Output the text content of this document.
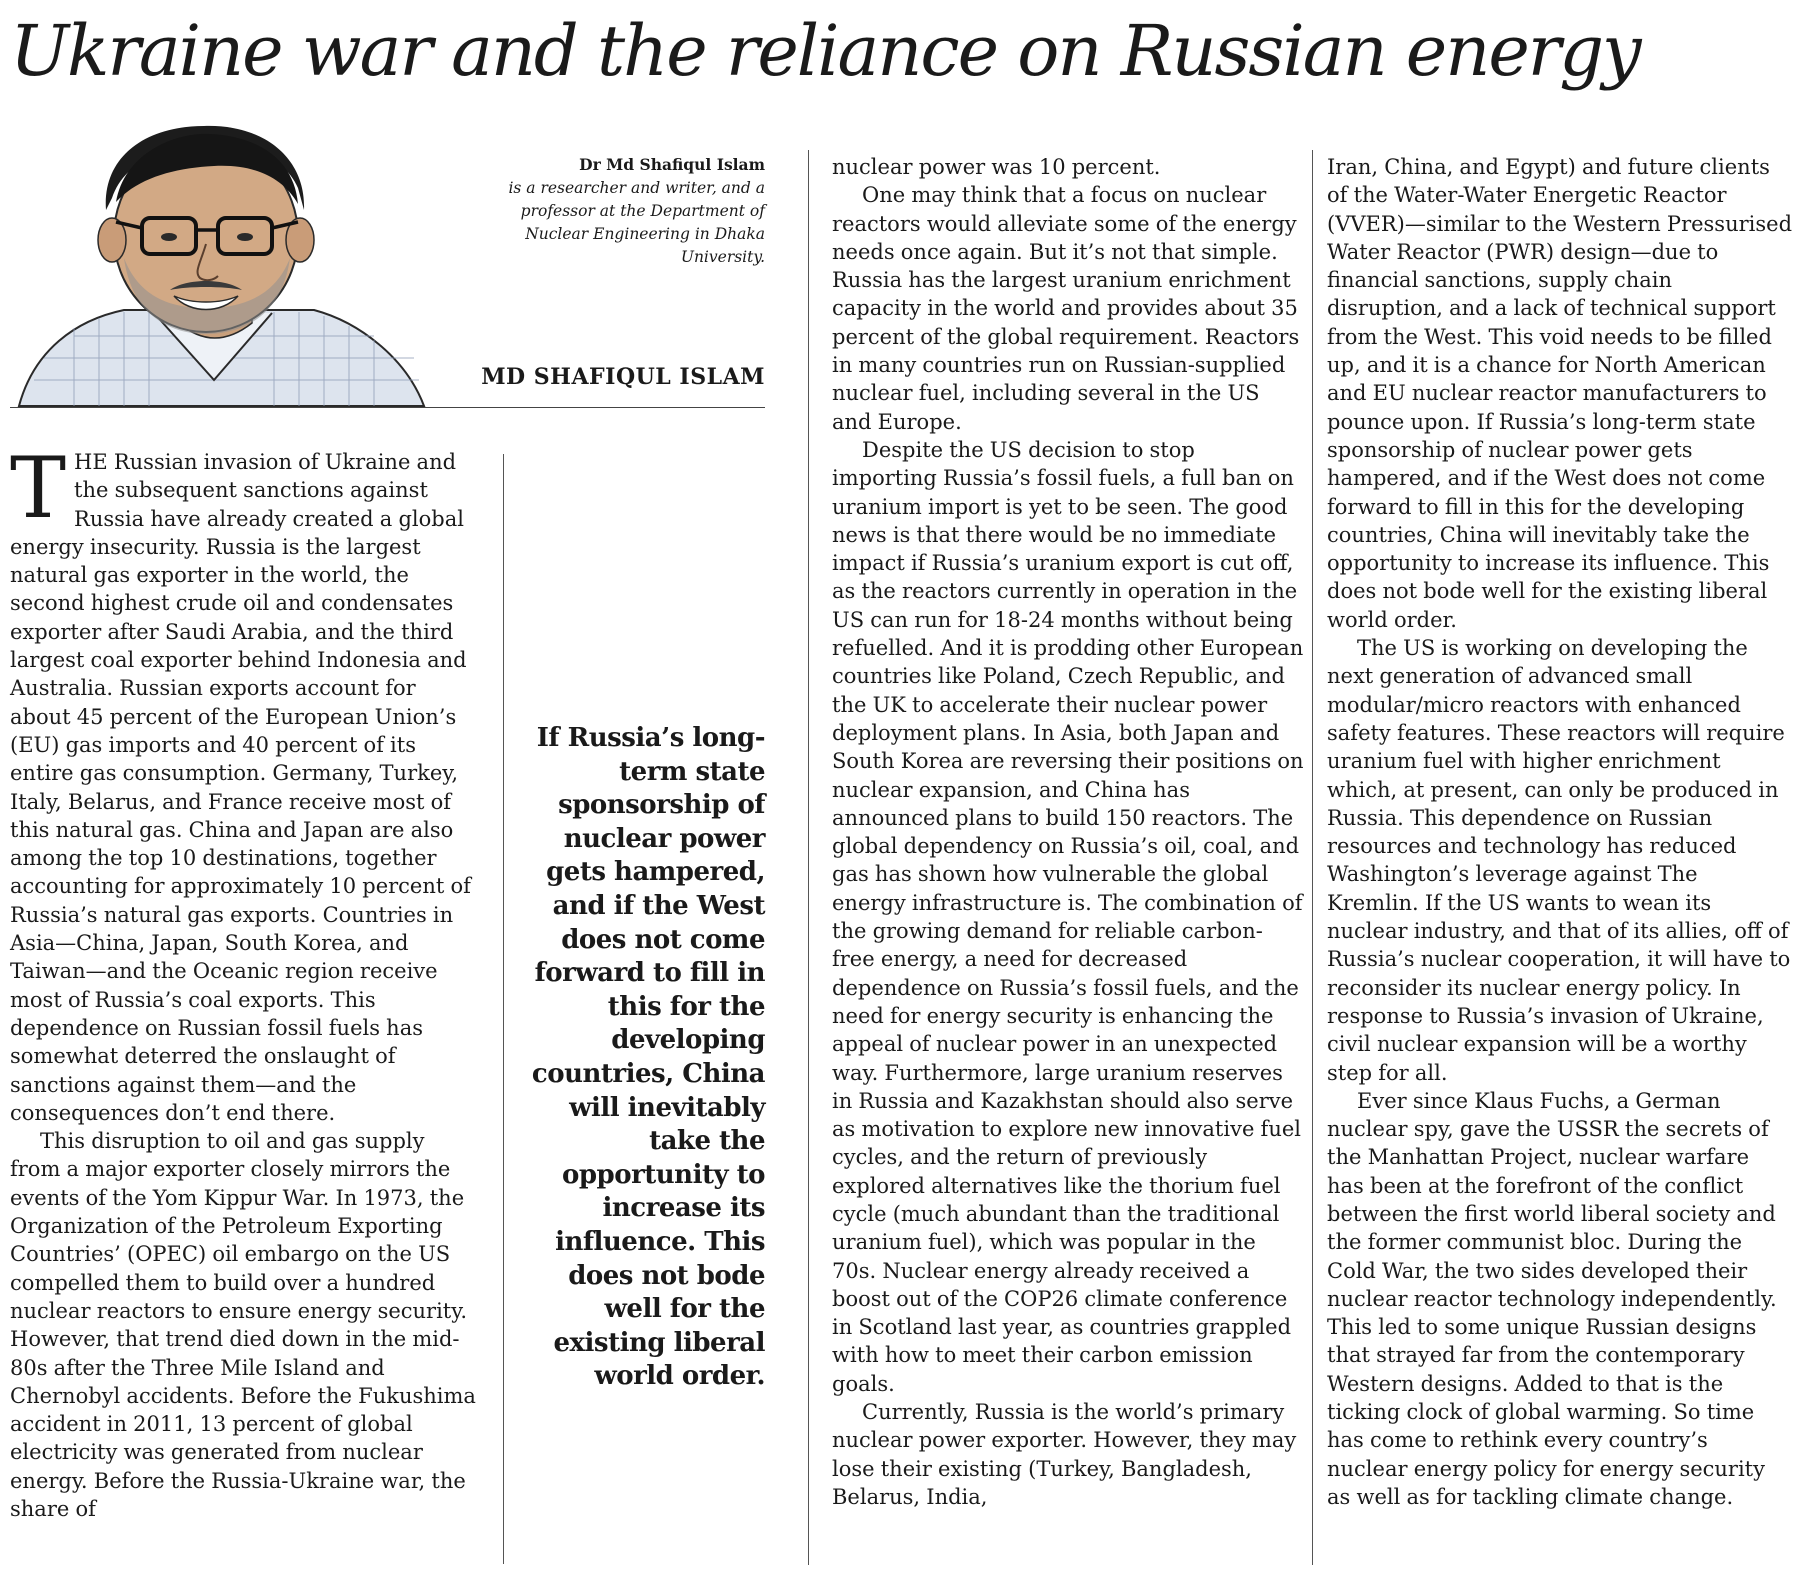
Ukraine war and the reliance on Russian energy
Dr Md Shafiqul Islam
is a researcher and writer, and a professor at the Department of Nuclear Engineering in Dhaka University.
MD SHAFIQUL ISLAM

THE Russian invasion of Ukraine and the subsequent sanctions against Russia have already created a global energy insecurity. Russia is the largest natural gas exporter in the world, the second highest crude oil and condensates exporter after Saudi Arabia, and the third largest coal exporter behind Indonesia and Australia. Russian exports account for about 45 percent of the European Union’s (EU) gas imports and 40 percent of its entire gas consumption. Germany, Turkey, Italy, Belarus, and France receive most of this natural gas. China and Japan are also among the top 10 destinations, together accounting for approximately 10 percent of Russia’s natural gas exports. Countries in Asia—China, Japan, South Korea, and Taiwan—and the Oceanic region receive most of Russia’s coal exports. This dependence on Russian fossil fuels has somewhat deterred the onslaught of sanctions against them—and the consequences don’t end there.

This disruption to oil and gas supply from a major exporter closely mirrors the events of the Yom Kippur War. In 1973, the Organization of the Petroleum Exporting Countries’ (OPEC) oil embargo on the US compelled them to build over a hundred nuclear reactors to ensure energy security. However, that trend died down in the mid-80s after the Three Mile Island and Chernobyl accidents. Before the Fukushima accident in 2011, 13 percent of global electricity was generated from nuclear energy. Before the Russia-Ukraine war, the share of

If Russia’s long-term state sponsorship of nuclear power gets hampered, and if the West does not come forward to fill in this for the developing countries, China will inevitably take the opportunity to increase its influence. This does not bode well for the existing liberal world order.

nuclear power was 10 percent.

One may think that a focus on nuclear reactors would alleviate some of the energy needs once again. But it’s not that simple. Russia has the largest uranium enrichment capacity in the world and provides about 35 percent of the global requirement. Reactors in many countries run on Russian-supplied nuclear fuel, including several in the US and Europe.

Despite the US decision to stop importing Russia’s fossil fuels, a full ban on uranium import is yet to be seen. The good news is that there would be no immediate impact if Russia’s uranium export is cut off, as the reactors currently in operation in the US can run for 18-24 months without being refuelled. And it is prodding other European countries like Poland, Czech Republic, and the UK to accelerate their nuclear power deployment plans. In Asia, both Japan and South Korea are reversing their positions on nuclear expansion, and China has announced plans to build 150 reactors. The global dependency on Russia’s oil, coal, and gas has shown how vulnerable the global energy infrastructure is. The combination of the growing demand for reliable carbon-free energy, a need for decreased dependence on Russia’s fossil fuels, and the need for energy security is enhancing the appeal of nuclear power in an unexpected way. Furthermore, large uranium reserves in Russia and Kazakhstan should also serve as motivation to explore new innovative fuel cycles, and the return of previously explored alternatives like the thorium fuel cycle (much abundant than the traditional uranium fuel), which was popular in the 70s. Nuclear energy already received a boost out of the COP26 climate conference in Scotland last year, as countries grappled with how to meet their carbon emission goals.

Currently, Russia is the world’s primary nuclear power exporter. However, they may lose their existing (Turkey, Bangladesh, Belarus, India,

Iran, China, and Egypt) and future clients of the Water-Water Energetic Reactor (VVER)—similar to the Western Pressurised Water Reactor (PWR) design—due to financial sanctions, supply chain disruption, and a lack of technical support from the West. This void needs to be filled up, and it is a chance for North American and EU nuclear reactor manufacturers to pounce upon. If Russia’s long-term state sponsorship of nuclear power gets hampered, and if the West does not come forward to fill in this for the developing countries, China will inevitably take the opportunity to increase its influence. This does not bode well for the existing liberal world order.

The US is working on developing the next generation of advanced small modular/micro reactors with enhanced safety features. These reactors will require uranium fuel with higher enrichment which, at present, can only be produced in Russia. This dependence on Russian resources and technology has reduced Washington’s leverage against The Kremlin. If the US wants to wean its nuclear industry, and that of its allies, off of Russia’s nuclear cooperation, it will have to reconsider its nuclear energy policy. In response to Russia’s invasion of Ukraine, civil nuclear expansion will be a worthy step for all.

Ever since Klaus Fuchs, a German nuclear spy, gave the USSR the secrets of the Manhattan Project, nuclear warfare has been at the forefront of the conflict between the first world liberal society and the former communist bloc. During the Cold War, the two sides developed their nuclear reactor technology independently. This led to some unique Russian designs that strayed far from the contemporary Western designs. Added to that is the ticking clock of global warming. So time has come to rethink every country’s nuclear energy policy for energy security as well as for tackling climate change.
